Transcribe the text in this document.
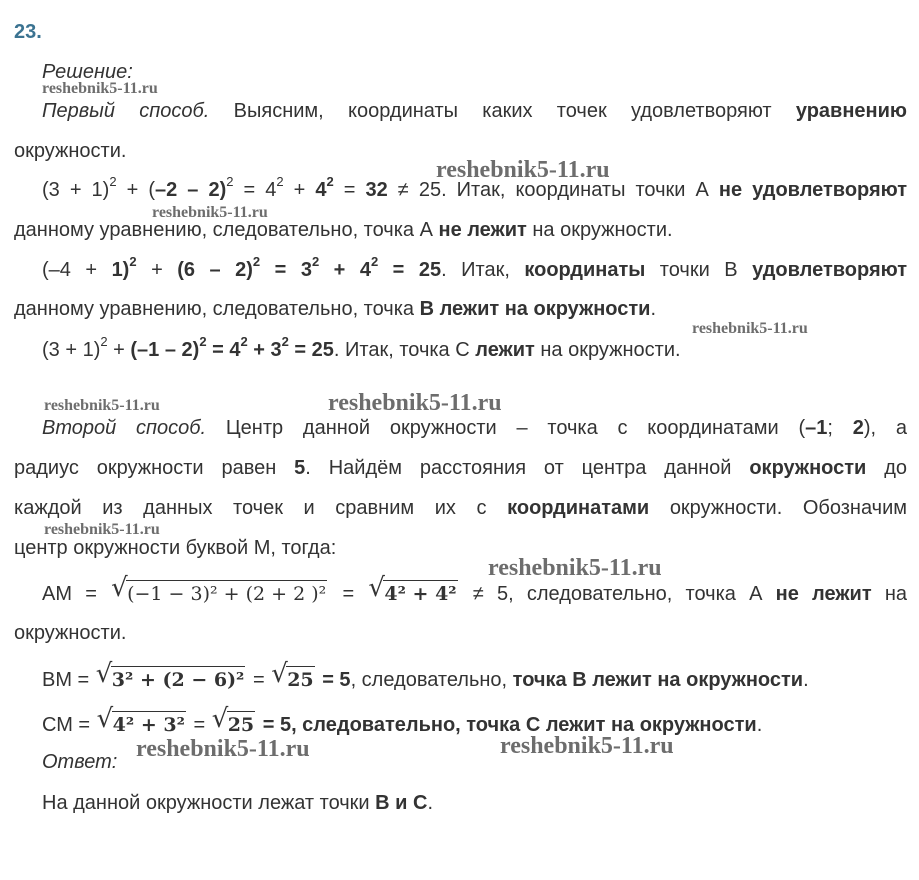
23.
Решение:
reshebnik5-11.ru
Первый способ. Выясним, координаты каких точек удовлетворяют уравнению
окружности.
reshebnik5-11.ru
$(3 + 1)^2 + (-2 - 2)^2 = 4^2 + 4^2 = 32 \ne 25$. Итак, координаты точки А не удовлетворяют
reshebnik5-11.ru
данному уравнению, следовательно, точка А не лежит на окружности.
$(-4 + 1)^2 + (6 - 2)^2 = 3^2 + 4^2 = 25$. Итак, координаты точки В удовлетворяют
данному уравнению, следовательно, точка В лежит на окружности.
reshebnik5-11.ru
$(3 + 1)^2 + (-1 - 2)^2 = 4^2 + 3^2 = 25$. Итак, точка С лежит на окружности.
reshebnik5-11.ru	reshebnik5-11.ru
Второй способ. Центр данной окружности – точка с координатами (–1; 2), а
радиус окружности равен 5. Найдём расстояния от центра данной окружности до
каждой из данных точек и сравним их с координатами окружности. Обозначим
reshebnik5-11.ru
центр окружности буквой М, тогда:
reshebnik5-11.ru
АМ = √ (−1 − 3)² + (2 + 2 )² = √ 4² + 4² ≠ 5, следовательно, точка А не лежит на
окружности.
ВМ = √ 3² + (2 − 6)² = √ 25 = 5, следовательно, точка В лежит на окружности.
СМ = √ 4² + 3² = √ 25 = 5, следовательно, точка С лежит на окружности.
reshebnik5-11.ru	reshebnik5-11.ru
Ответ:
На данной окружности лежат точки В и С.
